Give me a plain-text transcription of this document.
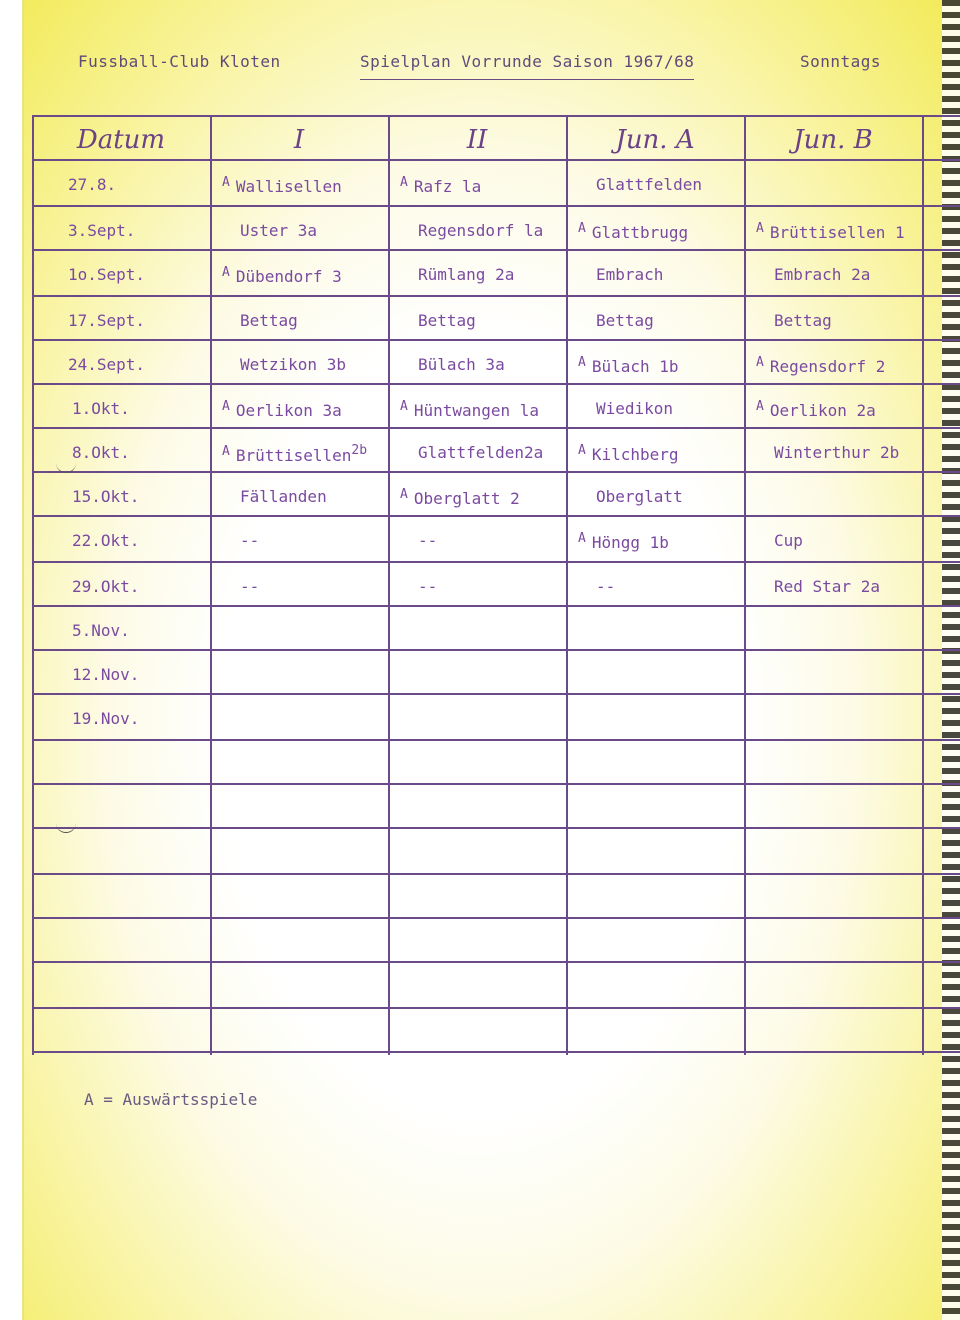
Fussball-Club Kloten	Spielplan Vorrunde Saison 1967/68	Sonntags
Datum	I	II	Jun. A	Jun. B
27.8.	$^A$ Wallisellen	$^A$ Rafz la	Glattfelden
3.Sept.	Uster 3a	Regensdorf la	$^A$ Glattbrugg	$^A$ Brüttisellen 1
1o.Sept.	$^A$ Dübendorf 3	Rümlang 2a	Embrach	Embrach 2a
17.Sept.	Bettag	Bettag	Bettag	Bettag
24.Sept.	Wetzikon 3b	Bülach 3a	$^A$ Bülach 1b	$^A$ Regensdorf 2
1.Okt.	$^A$ Oerlikon 3a	$^A$ Hüntwangen la	Wiedikon	$^A$ Oerlikon 2a
8.Okt.	$^A$ Brüttisellen$^{2b}$	Glattfelden2a	$^A$ Kilchberg	Winterthur 2b
15.Okt.	Fällanden	$^A$ Oberglatt 2	Oberglatt
22.Okt.	--	--	$^A$ Höngg 1b	Cup
29.Okt.	--	--	--	Red Star 2a
5.Nov.
12.Nov.
19.Nov.
A = Auswärtsspiele
